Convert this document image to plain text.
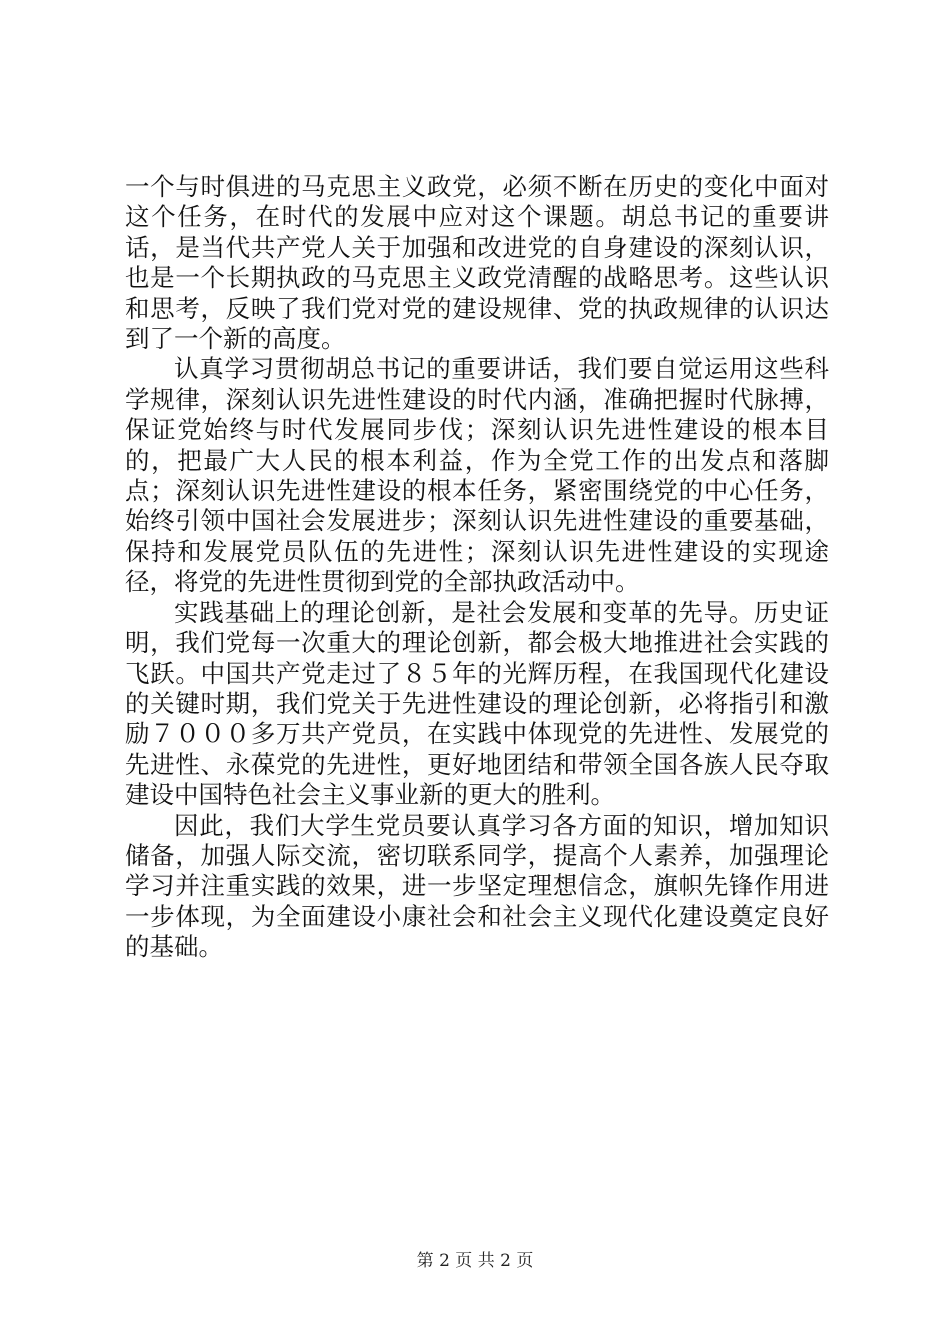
一个与时俱进的马克思主义政党，必须不断在历史的变化中面对这个任务，在时代的发展中应对这个课题。胡总书记的重要讲话，是当代共产党人关于加强和改进党的自身建设的深刻认识，也是一个长期执政的马克思主义政党清醒的战略思考。这些认识和思考，反映了我们党对党的建设规律、党的执政规律的认识达到了一个新的高度。

认真学习贯彻胡总书记的重要讲话，我们要自觉运用这些科学规律，深刻认识先进性建设的时代内涵，准确把握时代脉搏，保证党始终与时代发展同步伐；深刻认识先进性建设的根本目的，把最广大人民的根本利益，作为全党工作的出发点和落脚点；深刻认识先进性建设的根本任务，紧密围绕党的中心任务，始终引领中国社会发展进步；深刻认识先进性建设的重要基础，保持和发展党员队伍的先进性；深刻认识先进性建设的实现途径，将党的先进性贯彻到党的全部执政活动中。

实践基础上的理论创新，是社会发展和变革的先导。历史证明，我们党每一次重大的理论创新，都会极大地推进社会实践的飞跃。中国共产党走过了８５年的光辉历程，在我国现代化建设的关键时期，我们党关于先进性建设的理论创新，必将指引和激励７０００多万共产党员，在实践中体现党的先进性、发展党的先进性、永葆党的先进性，更好地团结和带领全国各族人民夺取建设中国特色社会主义事业新的更大的胜利。

因此，我们大学生党员要认真学习各方面的知识，增加知识储备，加强人际交流，密切联系同学，提高个人素养，加强理论学习并注重实践的效果，进一步坚定理想信念，旗帜先锋作用进一步体现，为全面建设小康社会和社会主义现代化建设奠定良好的基础。

第 2 页 共 2 页
